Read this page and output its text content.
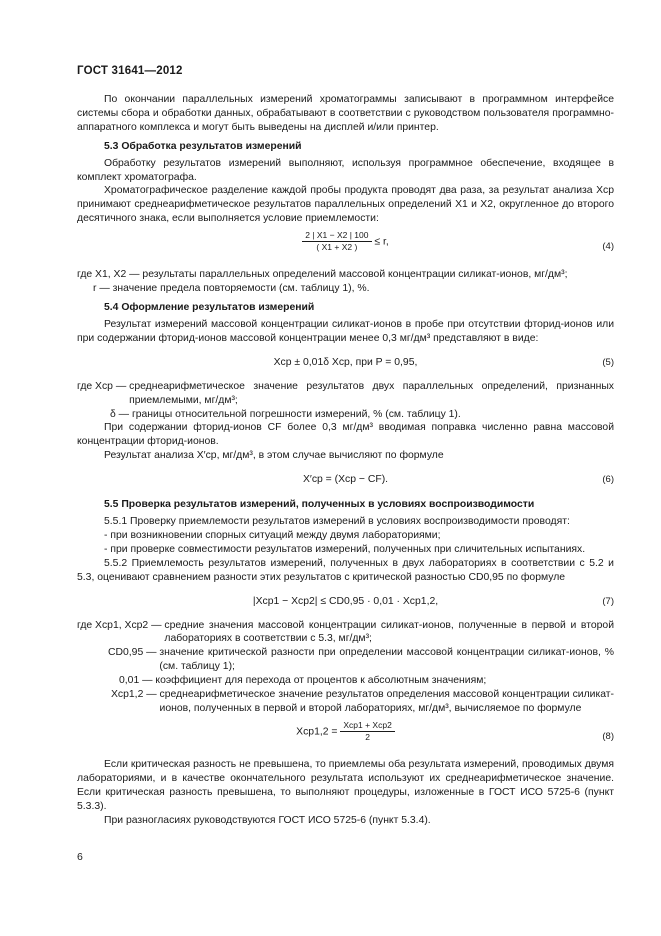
ГОСТ 31641—2012

По окончании параллельных измерений хроматограммы записывают в программном интерфейсе системы сбора и обработки данных, обрабатывают в соответствии с руководством пользователя программно-аппаратного комплекса и могут быть выведены на дисплей и/или принтер.

5.3 Обработка результатов измерений

Обработку результатов измерений выполняют, используя программное обеспечение, входящее в комплект хроматографа.

Хроматографическое разделение каждой пробы продукта проводят два раза, за результат анализа Xср принимают среднеарифметическое результатов параллельных определений X1 и X2, округленное до второго десятичного знака, если выполняется условие приемлемости:

$\frac{2 | X1 - X2 | 100}{( X1 + X2 )} \le r$,	(4)
где X1, X2 —
результаты параллельных определений массовой концентрации силикат-ионов, мг/дм³;
r —
значение предела повторяемости (см. таблицу 1), %.
5.4 Оформление результатов измерений

Результат измерений массовой концентрации силикат-ионов в пробе при отсутствии фторид-ионов или при содержании фторид-ионов массовой концентрации менее 0,3 мг/дм³ представляют в виде:

Xср ± 0,01δ Xср, при P = 0,95,	(5)
где Xср —
среднеарифметическое значение результатов двух параллельных определений, признанных приемлемыми, мг/дм³;
δ —
границы относительной погрешности измерений, % (см. таблицу 1).

При содержании фторид-ионов CF более 0,3 мг/дм³ вводимая поправка численно равна массовой концентрации фторид-ионов.

Результат анализа X′ср, мг/дм³, в этом случае вычисляют по формуле

X′ср = (Xср − CF).	(6)
5.5 Проверка результатов измерений, полученных в условиях воспроизводимости

5.5.1 Проверку приемлемости результатов измерений в условиях воспроизводимости проводят:

- при возникновении спорных ситуаций между двумя лабораториями;

- при проверке совместимости результатов измерений, полученных при сличительных испытаниях.

5.5.2 Приемлемость результатов измерений, полученных в двух лабораториях в соответствии с 5.2 и 5.3, оценивают сравнением разности этих результатов с критической разностью CD0,95 по формуле

|Xср1 − Xср2| ≤ CD0,95 · 0,01 · Xср1,2,	(7)
где Xср1, Xср2 —
средние значения массовой концентрации силикат-ионов, полученные в первой и второй лабораториях в соответствии с 5.3, мг/дм³;
CD0,95 —
значение критической разности при определении массовой концентрации силикат-ионов, % (см. таблицу 1);
0,01 —
коэффициент для перехода от процентов к абсолютным значениям;
Xср1,2 —
среднеарифметическое значение результатов определения массовой концентрации силикат-ионов, полученных в первой и второй лабораториях, мг/дм³, вычисляемое по формуле
$Xср1,2 = \frac{\text{Xср1 + Xср2}}{2}$	(8)

Если критическая разность не превышена, то приемлемы оба результата измерений, проводимых двумя лабораториями, и в качестве окончательного результата используют их среднеарифметическое значение. Если критическая разность превышена, то выполняют процедуры, изложенные в ГОСТ ИСО 5725-6 (пункт 5.3.3).

При разногласиях руководствуются ГОСТ ИСО 5725-6 (пункт 5.3.4).

6
